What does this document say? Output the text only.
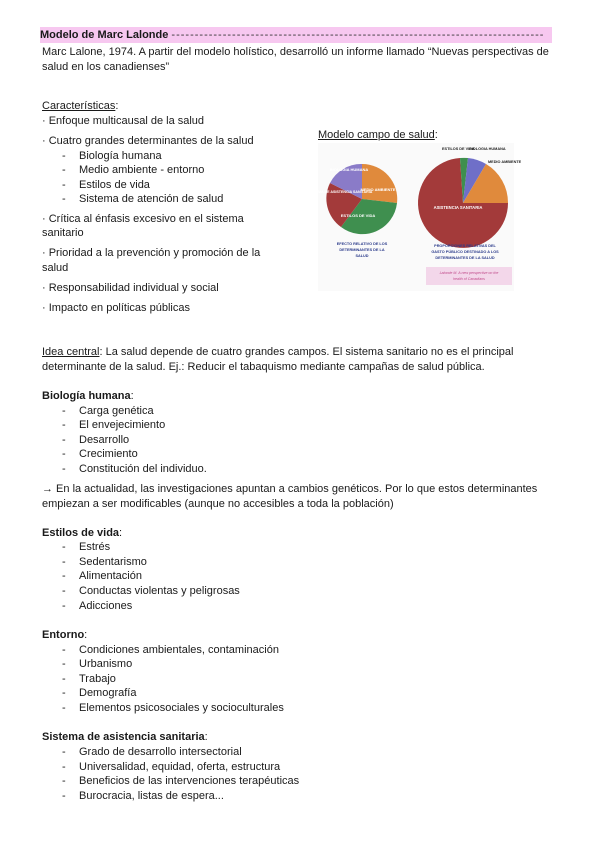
Modelo de Marc Lalonde --------------------------------------------------------------------------------
Marc Lalone, 1974. A partir del modelo holístico, desarrolló un informe llamado “Nuevas perspectivas de
salud en los canadienses”
Características:
· Enfoque multicausal de la salud
· Cuatro grandes determinantes de la salud
- Biología humana
- Medio ambiente - entorno
- Estilos de vida
- Sistema de atención de salud
· Crítica al énfasis excesivo en el sistema
sanitario
· Prioridad a la prevención y promoción de la
salud
· Responsabilidad individual y social
· Impacto en políticas públicas
Modelo campo de salud:
BIOLOGIA HUMANA
SISTEMA DE ASISTENCIA SANITARIA
MEDIO AMBIENTE
ESTILOS DE VIDA
EFECTO RELATIVO DE LOS
DETERMINANTES DE LA
SALUD
ESTILOS DE VIDA
BIOLOGIA HUMANA
MEDIO AMBIENTE
ASISTENCIA SANITARIA
PROPORCIONES RELATIVAS DEL
GASTO PÚBLICO DESTINADO A LOS
DETERMINANTES DE LA SALUD
Lalonde M. A new perspective on the
health of Canadians
Idea central: La salud depende de cuatro grandes campos. El sistema sanitario no es el principal
determinante de la salud. Ej.: Reducir el tabaquismo mediante campañas de salud pública.
Biología humana:
- Carga genética
- El envejecimiento
- Desarrollo
- Crecimiento
- Constitución del individuo.
→ En la actualidad, las investigaciones apuntan a cambios genéticos. Por lo que estos determinantes
empiezan a ser modificables (aunque no accesibles a toda la población)
Estilos de vida:
- Estrés
- Sedentarismo
- Alimentación
- Conductas violentas y peligrosas
- Adicciones
Entorno:
- Condiciones ambientales, contaminación
- Urbanismo
- Trabajo
- Demografía
- Elementos psicosociales y socioculturales
Sistema de asistencia sanitaria:
- Grado de desarrollo intersectorial
- Universalidad, equidad, oferta, estructura
- Beneficios de las intervenciones terapéuticas
- Burocracia, listas de espera...
